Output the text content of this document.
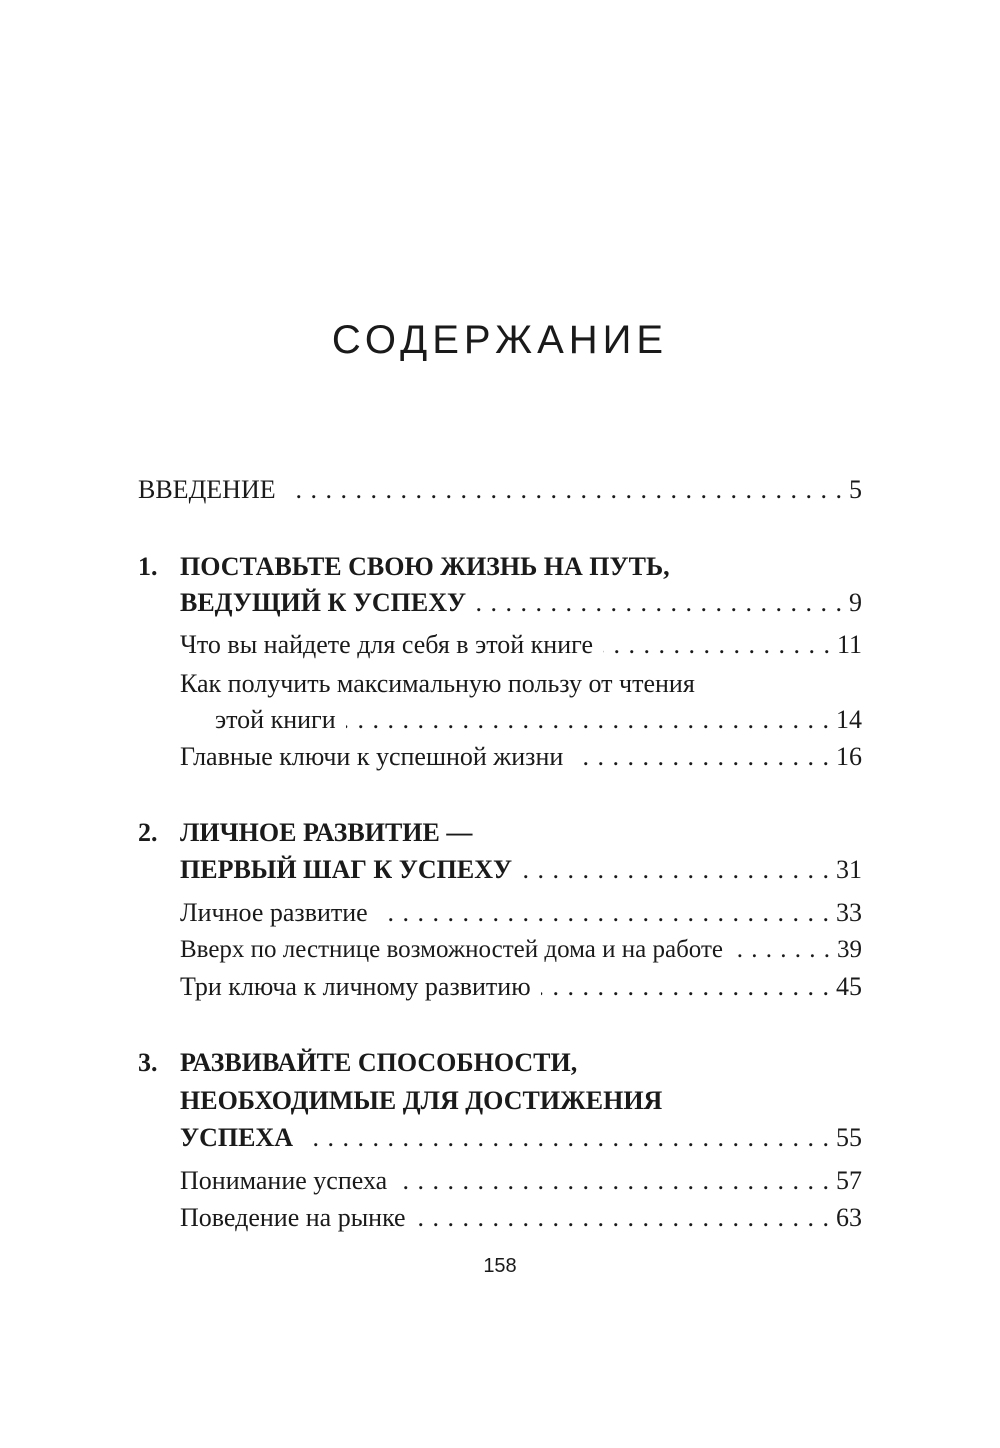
СОДЕРЖАНИЕ
ВВЕДЕНИЕ . . .	5
1. ПОСТАВЬТЕ СВОЮ ЖИЗНЬ НА ПУТЬ,
ВЕДУЩИЙ К УСПЕХУ . . .	9
Что вы найдете для себя в этой книге . . .	11
Как получить максимальную пользу от чтения
этой книги . . .	14
Главные ключи к успешной жизни . . .	16
2. ЛИЧНОЕ РАЗВИТИЕ —
ПЕРВЫЙ ШАГ К УСПЕХУ . . .	31
Личное развитие . . .	33
Вверх по лестнице возможностей дома и на работе . . .	39
Три ключа к личному развитию . . .	45
3. РАЗВИВАЙТЕ СПОСОБНОСТИ,
НЕОБХОДИМЫЕ ДЛЯ ДОСТИЖЕНИЯ
УСПЕХА . . .	55
Понимание успеха . . .	57
Поведение на рынке . . .	63
158
